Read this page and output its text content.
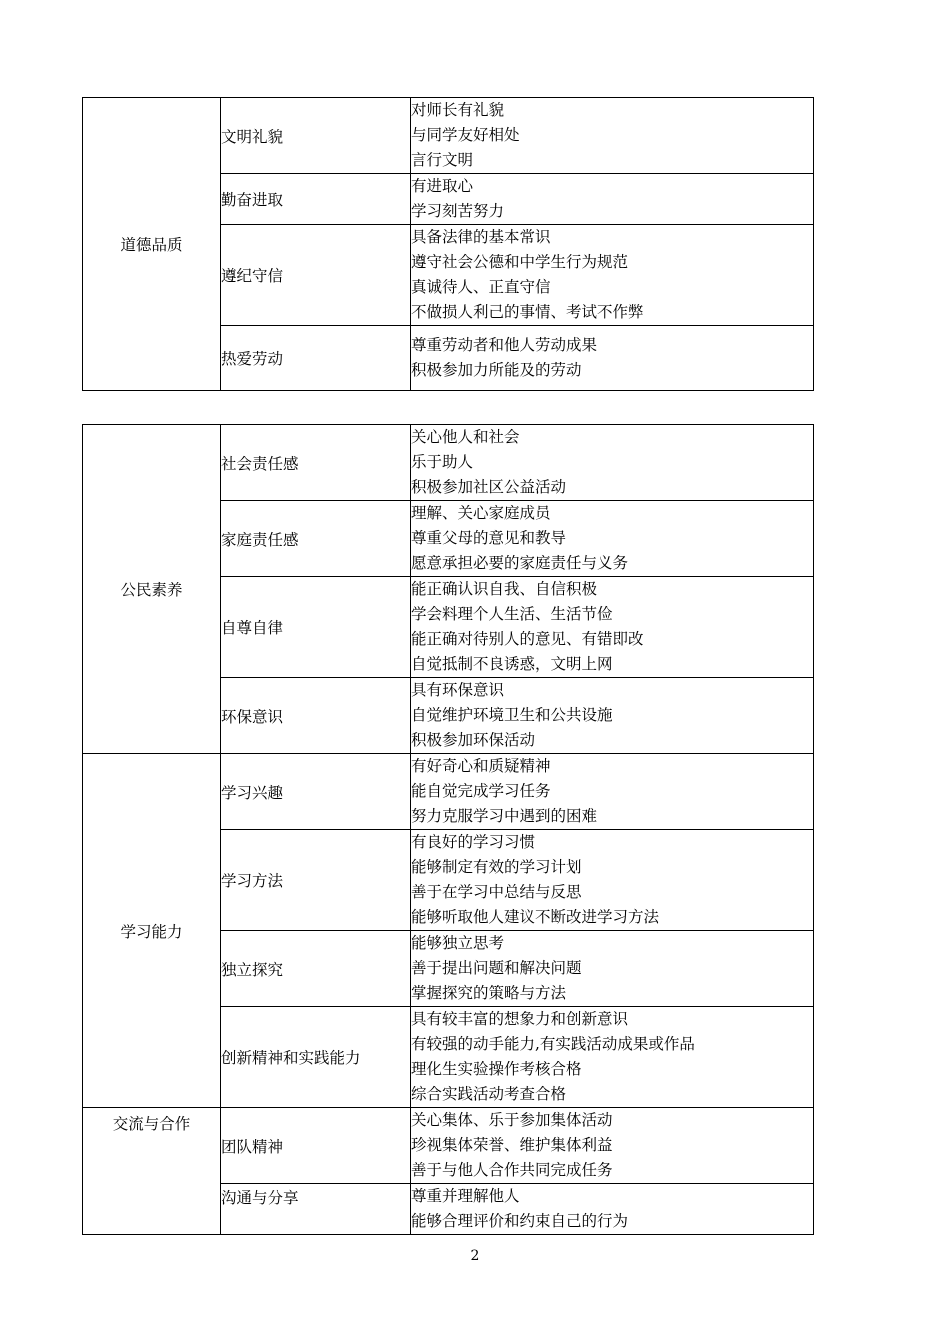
道德品质	文明礼貌	对师长有礼貌
与同学友好相处
言行文明

	勤奋进取	有进取心
学习刻苦努力

	遵纪守信	具备法律的基本常识
遵守社会公德和中学生行为规范
真诚待人、正直守信
不做损人利己的事情、考试不作弊

	热爱劳动	尊重劳动者和他人劳动成果
积极参加力所能及的劳动
公民素养	社会责任感	关心他人和社会
乐于助人
积极参加社区公益活动

	家庭责任感	理解、关心家庭成员
尊重父母的意见和教导
愿意承担必要的家庭责任与义务

	自尊自律	能正确认识自我、自信积极
学会料理个人生活、生活节俭
能正确对待别人的意见、有错即改
自觉抵制不良诱惑，文明上网

	环保意识	具有环保意识
自觉维护环境卫生和公共设施
积极参加环保活动

学习能力	学习兴趣	有好奇心和质疑精神
能自觉完成学习任务
努力克服学习中遇到的困难

	学习方法	有良好的学习习惯
能够制定有效的学习计划
善于在学习中总结与反思
能够听取他人建议不断改进学习方法

	独立探究	能够独立思考
善于提出问题和解决问题
掌握探究的策略与方法

	创新精神和实践能力	具有较丰富的想象力和创新意识
有较强的动手能力,有实践活动成果或作品
理化生实验操作考核合格
综合实践活动考查合格

交流与合作	团队精神	关心集体、乐于参加集体活动
珍视集体荣誉、维护集体利益
善于与他人合作共同完成任务

	沟通与分享	尊重并理解他人
能够合理评价和约束自己的行为
2
